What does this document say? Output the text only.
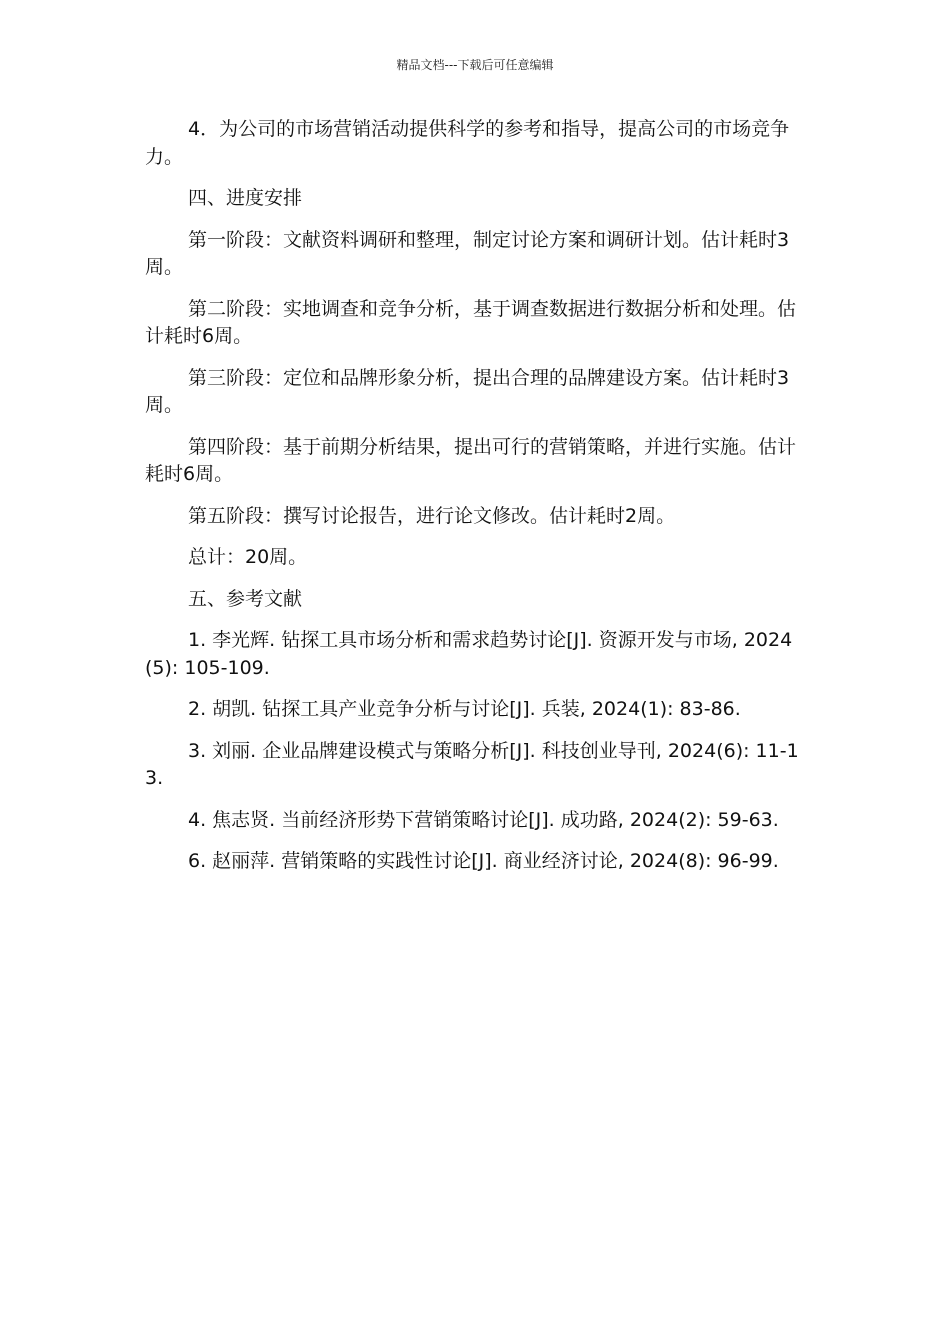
精品文档---下载后可任意编辑

4．为公司的市场营销活动提供科学的参考和指导，提高公司的市场竞争力。

四、进度安排

第一阶段：文献资料调研和整理，制定讨论方案和调研计划。估计耗时3周。

第二阶段：实地调查和竞争分析，基于调查数据进行数据分析和处理。估计耗时6周。

第三阶段：定位和品牌形象分析，提出合理的品牌建设方案。估计耗时3周。

第四阶段：基于前期分析结果，提出可行的营销策略，并进行实施。估计耗时6周。

第五阶段：撰写讨论报告，进行论文修改。估计耗时2周。

总计：20周。

五、参考文献

1. 李光辉. 钻探工具市场分析和需求趋势讨论[J]. 资源开发与市场, 2024(5): 105-109.

2. 胡凯. 钻探工具产业竞争分析与讨论[J]. 兵装, 2024(1): 83-86.

3. 刘丽. 企业品牌建设模式与策略分析[J]. 科技创业导刊, 2024(6): 11-13.

4. 焦志贤. 当前经济形势下营销策略讨论[J]. 成功路, 2024(2): 59-63.

6. 赵丽萍. 营销策略的实践性讨论[J]. 商业经济讨论, 2024(8): 96-99.
